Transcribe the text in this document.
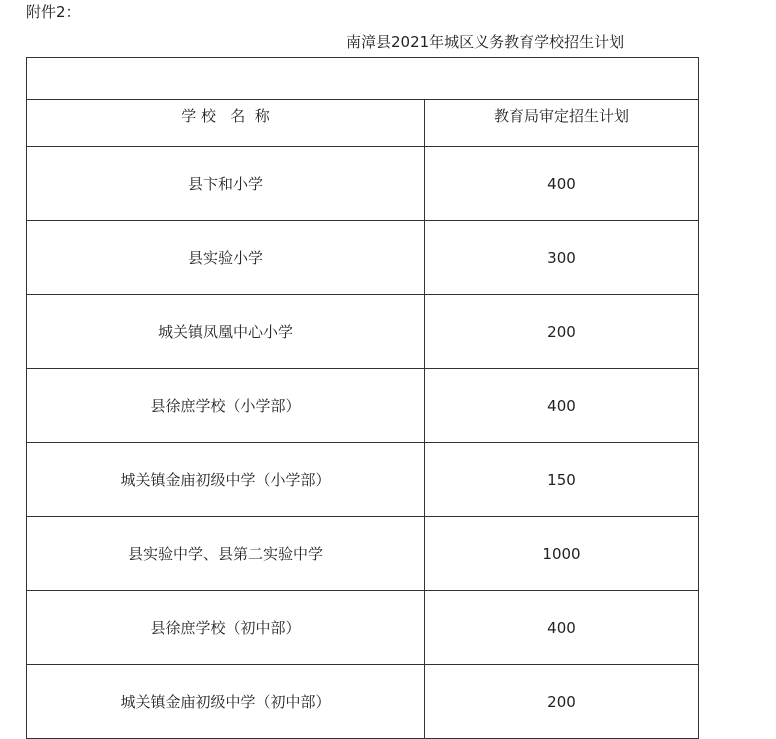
附件2：
南漳县2021年城区义务教育学校招生计划

学 校   名  称	教育局审定招生计划
县卞和小学	400
县实验小学	300
城关镇凤凰中心小学	200
县徐庶学校（小学部）	400
城关镇金庙初级中学（小学部）	150
县实验中学、县第二实验中学	1000
县徐庶学校（初中部）	400
城关镇金庙初级中学（初中部）	200
